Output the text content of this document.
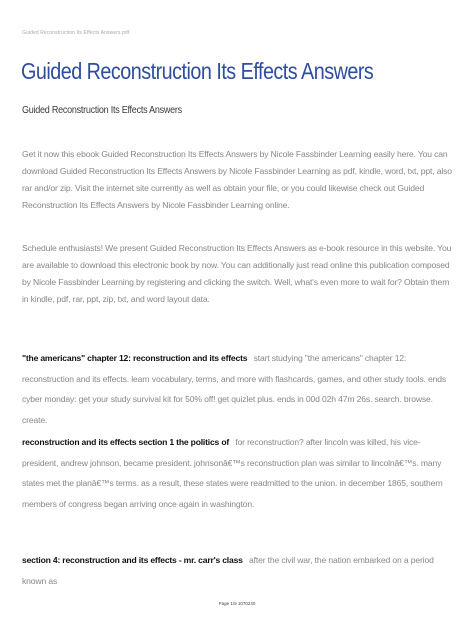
Guided Reconstruction Its Effects Answers.pdf
Guided Reconstruction Its Effects Answers
Guided Reconstruction Its Effects Answers
Get it now this ebook Guided Reconstruction Its Effects Answers by Nicole Fassbinder Learning easily here. You can download Guided Reconstruction Its Effects Answers by Nicole Fassbinder Learning as pdf, kindle, word, txt, ppt, also rar and/or zip. Visit the internet site currently as well as obtain your file, or you could likewise check out Guided Reconstruction Its Effects Answers by Nicole Fassbinder Learning online.
Schedule enthusiasts! We present Guided Reconstruction Its Effects Answers as e-book resource in this website. You are available to download this electronic book by now. You can additionally just read online this publication composed by Nicole Fassbinder Learning by registering and clicking the switch. Well, what's even more to wait for? Obtain them in kindle, pdf, rar, ppt, zip, txt, and word layout data.
"the americans" chapter 12: reconstruction and its effects start studying "the americans" chapter 12: reconstruction and its effects. learn vocabulary, terms, and more with flashcards, games, and other study tools. ends cyber monday: get your study survival kit for 50% off! get quizlet plus. ends in 00d 02h 47m 26s. search. browse. create.
reconstruction and its effects section 1 the politics of for reconstruction? after lincoln was killed, his vice-president, andrew johnson, became president. johnsonâ€™s reconstruction plan was similar to lincolnâ€™s. many states met the planâ€™s terms. as a result, these states were readmitted to the union. in december 1865, southern members of congress began arriving once again in washington.
section 4: reconstruction and its effects - mr. carr's class after the civil war, the nation embarked on a period known as
Page 1/9 1070240
